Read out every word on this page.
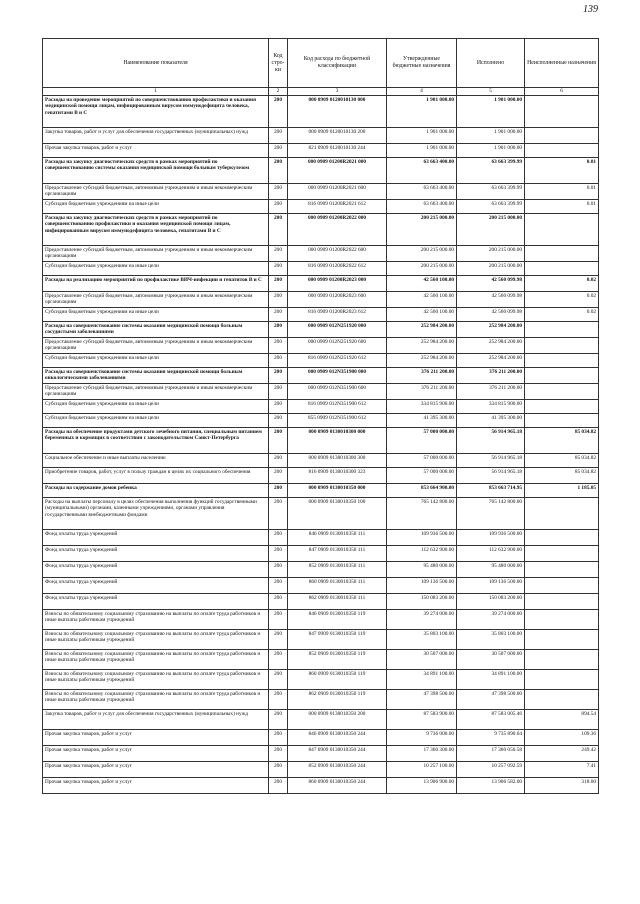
139
Наименование показателя	Код стро-ки	Код расхода по бюджетной классификации	Утвержденные бюджетные назначения	Исполнено	Неисполненные назначения
1	2	3	4	5	6
Расходы на проведение мероприятий по совершенствованию профилактики и оказания медицинской помощи лицам, инфицированным вирусом иммунодефицита человека, гепатитами B и C	200	000 0909 0120010130 000	1 901 000.00	1 901 000.00	
Закупка товаров, работ и услуг для обеспечения государственных (муниципальных) нужд	200	000 0909 0120010130 200	1 901 000.00	1 901 000.00	
Прочая закупка товаров, работ и услуг	200	821 0909 0120010130 244	1 901 000.00	1 901 000.00	
Расходы на закупку диагностических средств в рамках мероприятий по совершенствованию системы оказания медицинской помощи больным туберкулезом	200	000 0909 01200R2021 000	63 663 400.00	63 663 399.99	0.01
Предоставление субсидий бюджетным, автономным учреждениям и иным некоммерческим организациям	200	000 0909 01200R2021 600	63 663 400.00	63 663 399.99	0.01
Субсидии бюджетным учреждениям на иные цели	200	816 0909 01200R2021 612	63 663 400.00	63 663 399.99	0.01
Расходы на закупку диагностических средств в рамках мероприятий по совершенствованию профилактики и оказания медицинской помощи лицам, инфицированным вирусом иммунодефицита человека, гепатитами B и C	200	000 0909 01200R2022 000	200 215 000.00	200 215 000.00	
Предоставление субсидий бюджетным, автономным учреждениям и иным некоммерческим организациям	200	000 0909 01200R2022 600	200 215 000.00	200 215 000.00	
Субсидии бюджетным учреждениям на иные цели	200	816 0909 01200R2022 612	200 215 000.00	200 215 000.00	
Расходы на реализацию мероприятий по профилактике ВИЧ-инфекции и гепатитов B и C	200	000 0909 01200R2023 000	42 560 100.00	42 560 099.98	0.02
Предоставление субсидий бюджетным, автономным учреждениям и иным некоммерческим организациям	200	000 0909 01200R2023 600	42 560 100.00	42 560 099.98	0.02
Субсидии бюджетным учреждениям на иные цели	200	816 0909 01200R2023 612	42 560 100.00	42 560 099.98	0.02
Расходы на совершенствование системы оказания медицинской помощи больным сосудистыми заболеваниями	200	000 0909 012N251920 000	252 984 200.00	252 984 200.00	
Предоставление субсидий бюджетным, автономным учреждениям и иным некоммерческим организациям	200	000 0909 012N251920 600	252 984 200.00	252 984 200.00	
Субсидии бюджетным учреждениям на иные цели	200	816 0909 012N251920 612	252 984 200.00	252 984 200.00	
Расходы на совершенствование системы оказания медицинской помощи больным онкологическими заболеваниями	200	000 0909 012N351900 000	376 211 200.00	376 211 200.00	
Предоставление субсидий бюджетным, автономным учреждениям и иным некоммерческим организациям	200	000 0909 012N351900 600	376 211 200.00	376 211 200.00	
Субсидии бюджетным учреждениям на иные цели	200	816 0909 012N351900 612	334 815 900.00	334 815 900.00	
Субсидии бюджетным учреждениям на иные цели	200	855 0909 012N351900 612	41 395 300.00	41 395 300.00	
Расходы на обеспечение продуктами детского лечебного питания, специальным питанием беременных и кормящих в соответствии с законодательством Санкт-Петербурга	200	000 0909 0130010300 000	57 000 000.00	56 914 965.18	85 034.82
Социальное обеспечение и иные выплаты населению	200	000 0909 0130010300 300	57 000 000.00	56 914 965.18	85 034.82
Приобретение товаров, работ, услуг в пользу граждан в целях их социального обеспечения	200	816 0909 0130010300 323	57 000 000.00	56 914 965.18	85 034.82
Расходы на содержание домов ребенка	200	000 0909 0130010350 000	853 664 900.00	853 663 714.95	1 185.05
Расходы на выплаты персоналу в целях обеспечения выполнения функций государственными (муниципальными) органами, казенными учреждениями, органами управления государственными внебюджетными фондами	200	000 0909 0130010350 100	765 142 800.00	765 142 800.00	
Фонд оплаты труда учреждений	200	846 0909 0130010350 111	109 936 500.00	109 936 500.00	
Фонд оплаты труда учреждений	200	847 0909 0130010350 111	112 632 900.00	112 632 900.00	
Фонд оплаты труда учреждений	200	852 0909 0130010350 111	95 480 000.00	95 480 000.00	
Фонд оплаты труда учреждений	200	860 0909 0130010350 111	109 136 500.00	109 136 500.00	
Фонд оплаты труда учреждений	200	862 0909 0130010350 111	150 083 200.00	150 083 200.00	
Взносы по обязательному социальному страхованию на выплаты по оплате труда работников и иные выплаты работникам учреждений	200	846 0909 0130010350 119	39 274 000.00	39 274 000.00	
Взносы по обязательному социальному страхованию на выплаты по оплате труда работников и иные выплаты работникам учреждений	200	847 0909 0130010350 119	35 803 100.00	35 803 100.00	
Взносы по обязательному социальному страхованию на выплаты по оплате труда работников и иные выплаты работникам учреждений	200	852 0909 0130010350 119	30 507 000.00	30 507 000.00	
Взносы по обязательному социальному страхованию на выплаты по оплате труда работников и иные выплаты работникам учреждений	200	860 0909 0130010350 119	34 891 100.00	34 891 100.00	
Взносы по обязательному социальному страхованию на выплаты по оплате труда работников и иные выплаты работникам учреждений	200	862 0909 0130010350 119	47 398 500.00	47 398 500.00	
Закупка товаров, работ и услуг для обеспечения государственных (муниципальных) нужд	200	000 0909 0130010350 200	87 583 900.00	87 583 005.46	894.54
Прочая закупка товаров, работ и услуг	200	846 0909 0130010350 244	9 736 000.00	9 735 890.64	109.36
Прочая закупка товаров, работ и услуг	200	847 0909 0130010350 244	17 360 300.00	17 360 050.58	249.42
Прочая закупка товаров, работ и услуг	200	852 0909 0130010350 244	10 257 100.00	10 257 092.59	7.41
Прочая закупка товаров, работ и услуг	200	860 0909 0130010350 244	13 906 900.00	13 906 582.00	318.00
